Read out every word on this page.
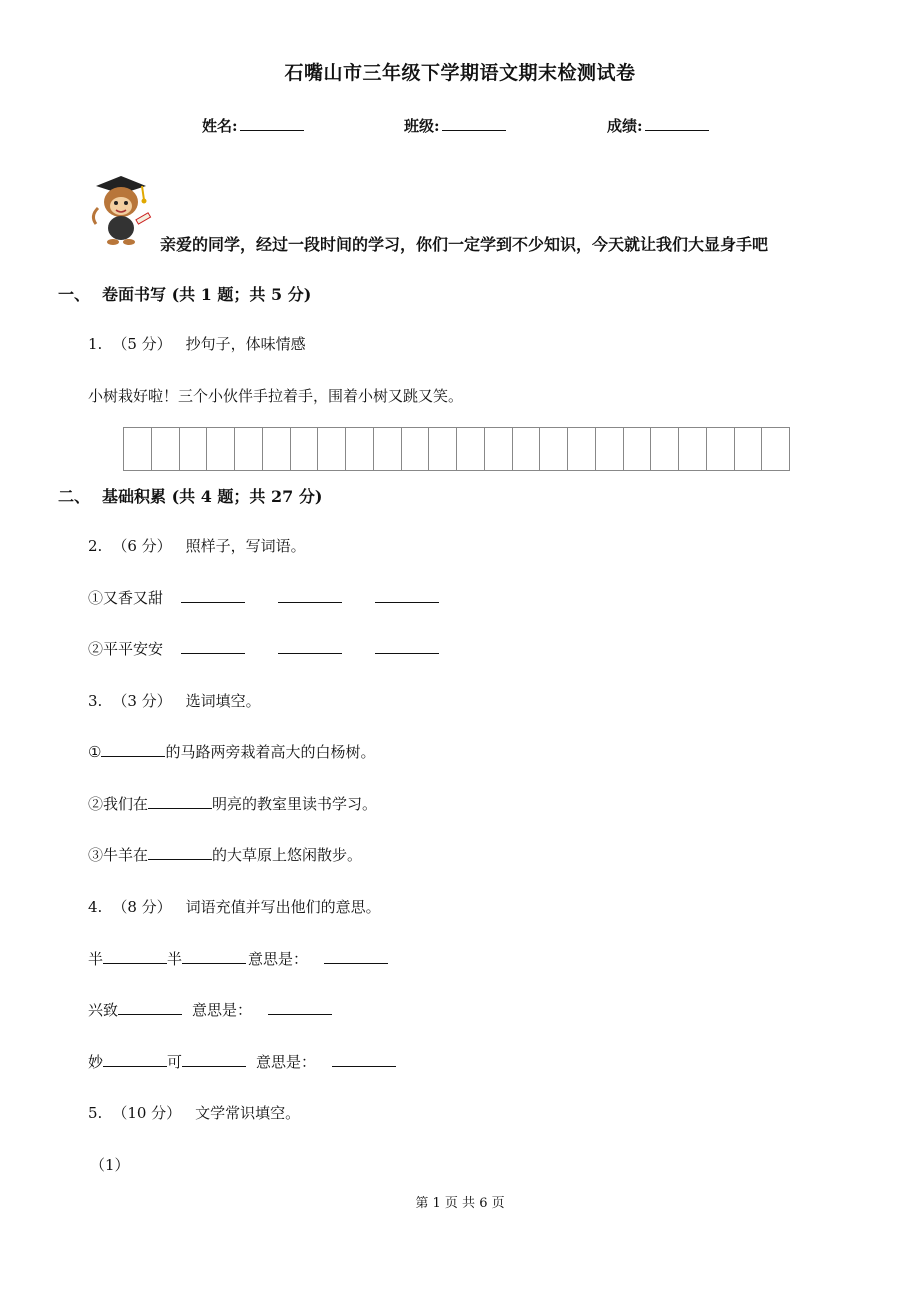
石嘴山市三年级下学期语文期末检测试卷
姓名:	班级:	成绩:
亲爱的同学，经过一段时间的学习，你们一定学到不少知识，今天就让我们大显身手吧
一、 卷面书写 (共 1 题；共 5 分)
1. （5 分） 抄句子，体味情感
小树栽好啦！三个小伙伴手拉着手，围着小树又跳又笑。
二、 基础积累 (共 4 题；共 27 分)
2. （6 分） 照样子，写词语。
①又香又甜
②平平安安
3. （3 分） 选词填空。
①	的马路两旁栽着高大的白杨树。
②我们在	明亮的教室里读书学习。
③牛羊在	的大草原上悠闲散步。
4. （8 分） 词语充值并写出他们的意思。
半	半	意思是：
兴致	意思是：
妙	可	意思是：
5. （10 分） 文学常识填空。
（1）
第 1 页 共 6 页
